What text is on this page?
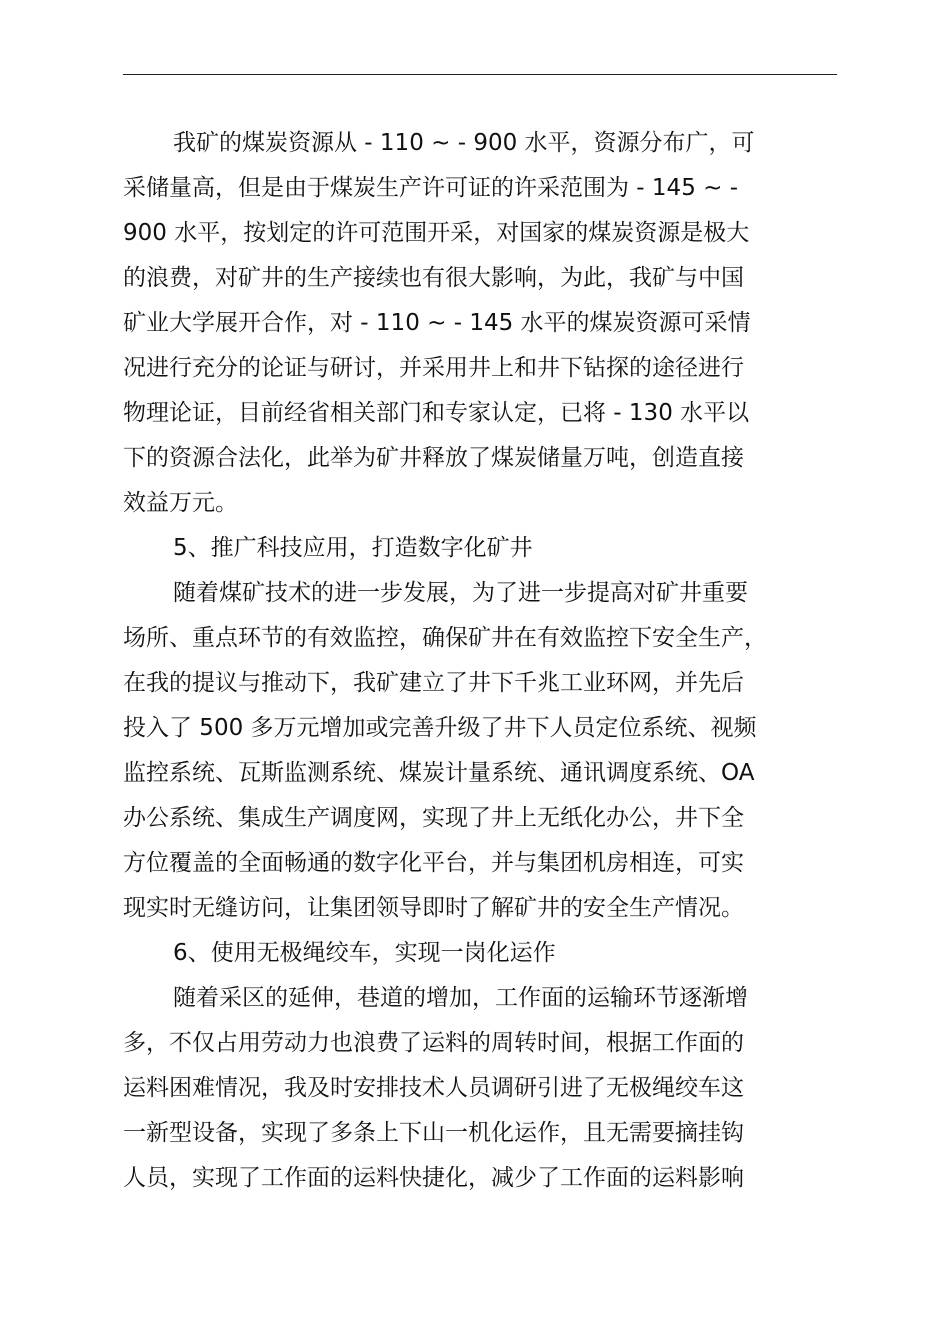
我矿的煤炭资源从 - 110 ~ - 900 水平，资源分布广，可
采储量高，但是由于煤炭生产许可证的许采范围为 - 145 ~ -
900 水平，按划定的许可范围开采，对国家的煤炭资源是极大
的浪费，对矿井的生产接续也有很大影响，为此，我矿与中国
矿业大学展开合作，对 - 110 ~ - 145 水平的煤炭资源可采情
况进行充分的论证与研讨，并采用井上和井下钻探的途径进行
物理论证，目前经省相关部门和专家认定，已将 - 130 水平以
下的资源合法化，此举为矿井释放了煤炭储量万吨，创造直接
效益万元。
5、推广科技应用，打造数字化矿井
随着煤矿技术的进一步发展，为了进一步提高对矿井重要
场所、重点环节的有效监控，确保矿井在有效监控下安全生产，
在我的提议与推动下，我矿建立了井下千兆工业环网，并先后
投入了 500 多万元增加或完善升级了井下人员定位系统、视频
监控系统、瓦斯监测系统、煤炭计量系统、通讯调度系统、OA
办公系统、集成生产调度网，实现了井上无纸化办公，井下全
方位覆盖的全面畅通的数字化平台，并与集团机房相连，可实
现实时无缝访问，让集团领导即时了解矿井的安全生产情况。
6、使用无极绳绞车，实现一岗化运作
随着采区的延伸，巷道的增加，工作面的运输环节逐渐增
多，不仅占用劳动力也浪费了运料的周转时间，根据工作面的
运料困难情况，我及时安排技术人员调研引进了无极绳绞车这
一新型设备，实现了多条上下山一机化运作，且无需要摘挂钩
人员，实现了工作面的运料快捷化，减少了工作面的运料影响
